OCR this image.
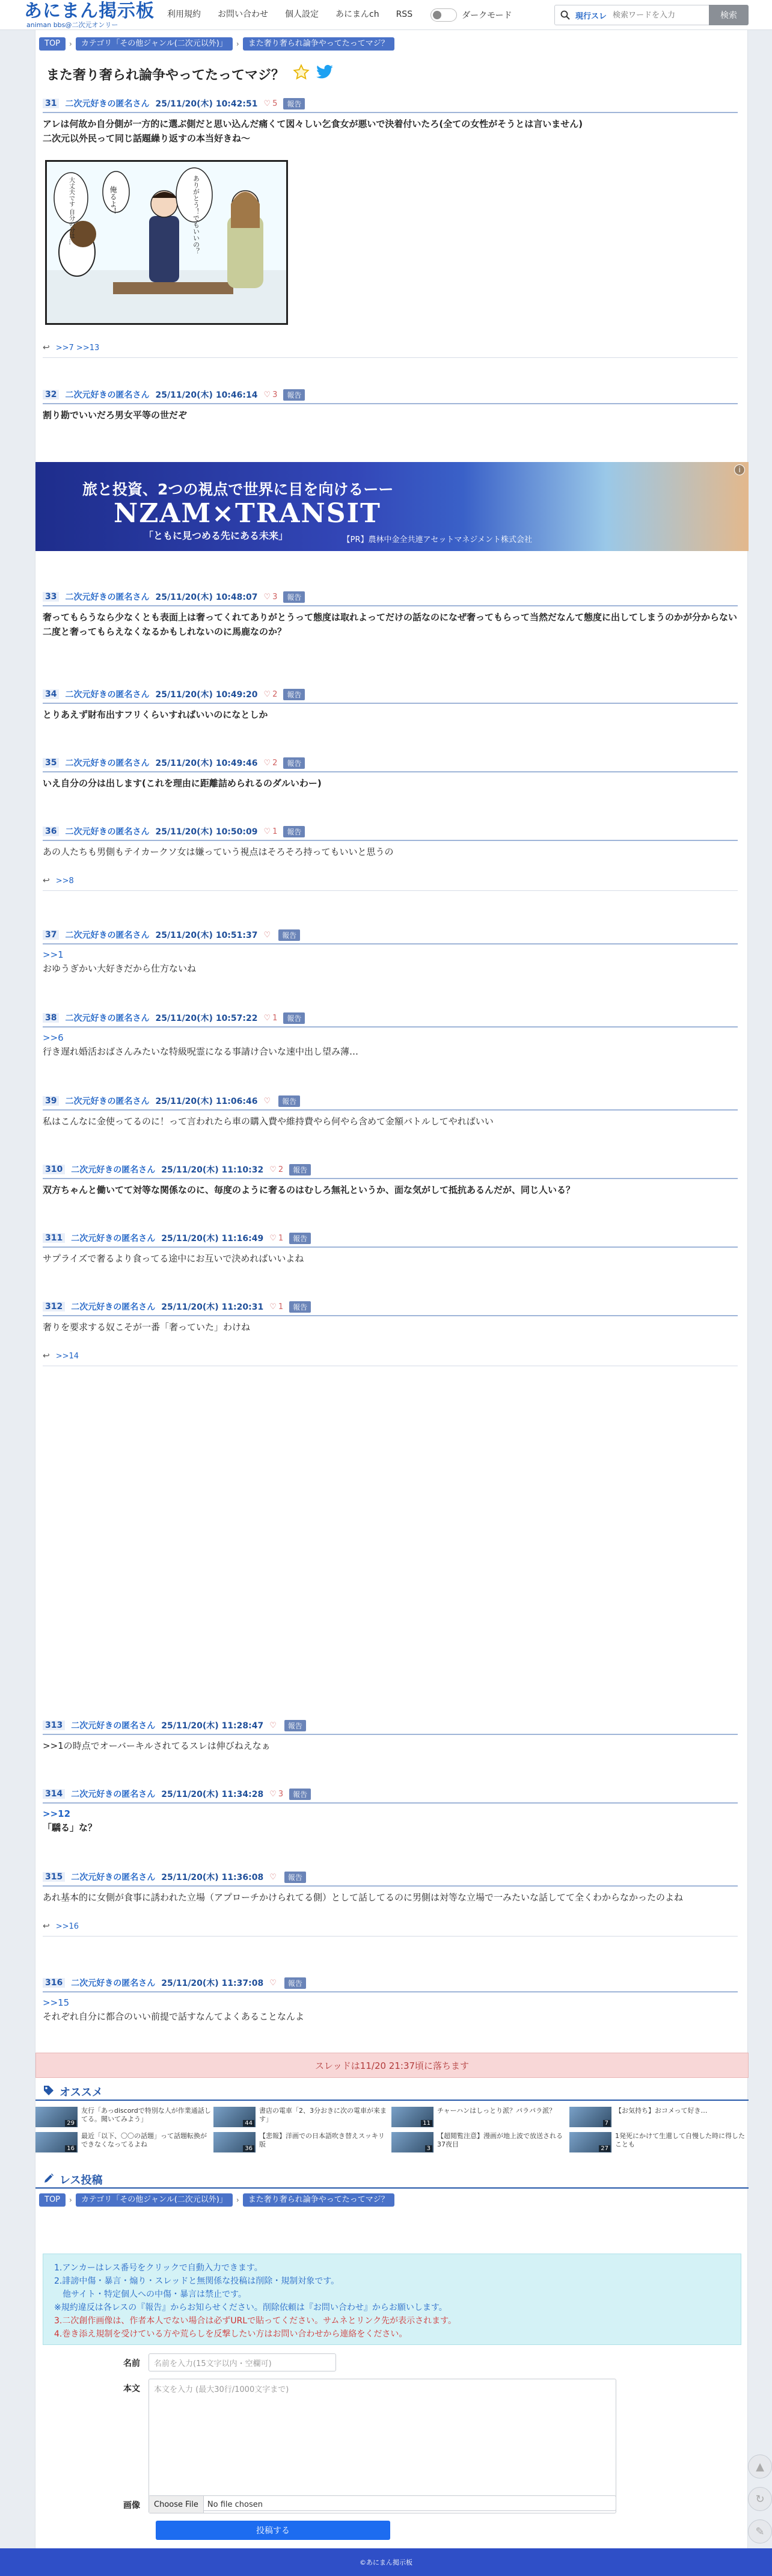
あにまん掲示板
animan bbs@二次元オンリー
利用規約	お問い合わせ	個人設定	あにまんch	RSS	ダークモード	現行スレ
検索ワードを入力	検索
TOP	›	カテゴリ「その他ジャンル(二次元以外)」	›	また奢り奢られ論争やってたってマジ？
また奢り奢られ論争やってたってマジ？
31 二次元好きの匿名さん 25/11/20(木) 10:42:51 ♡ 5	報告
アレは何故か自分側が一方的に選ぶ側だと思い込んだ痛くて図々しい乞食女が悪いで決着付いたろ(全ての女性がそうとは言いません)
二次元以外民って同じ話題繰り返すの本当好きね〜
俺るよ！	ありがとう！でもいいの？
大丈夫です 自分の分は…
↩ >>7 >>13
32 二次元好きの匿名さん 25/11/20(木) 10:46:14 ♡ 3	報告
割り勘でいいだろ男女平等の世だぞ
旅と投資、2つの視点で世界に目を向けるーー
NZAM×TRANSIT
「ともに見つめる先にある未来」	【PR】農林中金全共連アセットマネジメント株式会社
i
33 二次元好きの匿名さん 25/11/20(木) 10:48:07 ♡ 3	報告
奢ってもらうなら少なくとも表面上は奢ってくれてありがとうって態度は取れよってだけの話なのになぜ奢ってもらって当然だなんて態度に出してしまうのかが分からない
二度と奢ってもらえなくなるかもしれないのに馬鹿なのか？
34 二次元好きの匿名さん 25/11/20(木) 10:49:20 ♡ 2	報告
とりあえず財布出すフリくらいすればいいのになとしか
35 二次元好きの匿名さん 25/11/20(木) 10:49:46 ♡ 2	報告
いえ自分の分は出します(これを理由に距離詰められるのダルいわー)
36 二次元好きの匿名さん 25/11/20(木) 10:50:09 ♡ 1	報告
あの人たちも男側もテイカークソ女は嫌っていう視点はそろそろ持ってもいいと思うの
↩ >>8
37 二次元好きの匿名さん 25/11/20(木) 10:51:37 ♡	報告
>>1
おゆうぎかい大好きだから仕方ないね
38 二次元好きの匿名さん 25/11/20(木) 10:57:22 ♡ 1	報告
>>6
行き遅れ婚活おばさんみたいな特級呪霊になる事請け合いな速中出し望み薄…
39 二次元好きの匿名さん 25/11/20(木) 11:06:46 ♡	報告
私はこんなに金使ってるのに！って言われたら車の購入費や維持費やら何やら含めて金額バトルしてやればいい
310 二次元好きの匿名さん 25/11/20(木) 11:10:32 ♡ 2	報告
双方ちゃんと働いてて対等な関係なのに、毎度のように奢るのはむしろ無礼というか、面な気がして抵抗あるんだが、同じ人いる？
311 二次元好きの匿名さん 25/11/20(木) 11:16:49 ♡ 1	報告
サプライズで奢るより食ってる途中にお互いで決めればいいよね
312 二次元好きの匿名さん 25/11/20(木) 11:20:31 ♡ 1	報告
奢りを要求する奴こそが一番「奢っていた」わけね
↩ >>14
313 二次元好きの匿名さん 25/11/20(木) 11:28:47 ♡	報告
>>1の時点でオーバーキルされてるスレは伸びねえなぁ
314 二次元好きの匿名さん 25/11/20(木) 11:34:28 ♡ 3	報告
>>12
「驕る」な？
315 二次元好きの匿名さん 25/11/20(木) 11:36:08 ♡	報告
あれ基本的に女側が食事に誘われた立場（アプローチかけられてる側）として話してるのに男側は対等な立場で一みたいな話してて全くわからなかったのよね
↩ >>16
316 二次元好きの匿名さん 25/11/20(木) 11:37:08 ♡	報告
>>15
それぞれ自分に都合のいい前提で話すなんてよくあることなんよ
スレッドは11/20 21:37頃に落ちます
オススメ
29
友行「あっdiscordで特別な人が作業通話してる。聞いてみよう」
44
書店の電車「2、3分おきに次の電車が来ます」
11
チャーハンはしっとり派？パラパラ派？
7
【お気持ち】おコメって好き…
16
最近「以下、〇〇の話題」って話題転換ができなくなってるよね
36
【悲報】洋画での日本語吹き替えスッキリ版
3
【超閲覧注意】漫画が地上波で放送される37夜目
27
1発死にかけて生還して自慢した時に得したことも
レス投稿
TOP	›	カテゴリ「その他ジャンル(二次元以外)」	›	また奢り奢られ論争やってたってマジ？
1.アンカーはレス番号をクリックで自動入力できます。
2.誹謗中傷・暴言・煽り・スレッドと無関係な投稿は削除・規制対象です。
　他サイト・特定個人への中傷・暴言は禁止です。
※規約違反は各レスの『報告』からお知らせください。削除依頼は『お問い合わせ』からお願いします。
3.二次創作画像は、作者本人でない場合は必ずURLで貼ってください。サムネとリンク先が表示されます。
4.巻き添え規制を受けている方や荒らしを反撃したい方はお問い合わせから連絡をください。
名前	名前を入力(15文字以内・空欄可)
本文	本文を入力 (最大30行/1000文字まで)
画像	Choose File	No file chosen
投稿する
▲
↻
✎
©あにまん掲示板
